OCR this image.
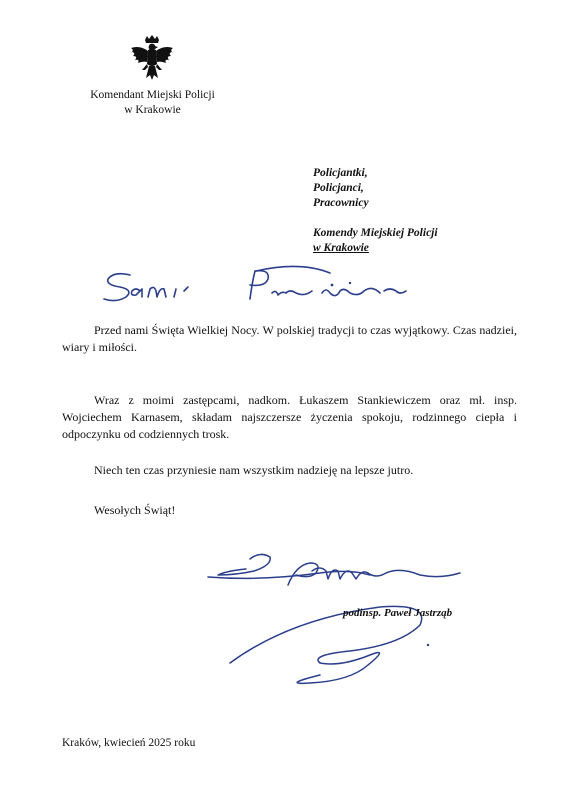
Komendant Miejski Policji
w Krakowie
Policjantki,
Policjanci,
Pracownicy
Komendy Miejskiej Policji
w Krakowie

Przed nami Święta Wielkiej Nocy. W polskiej tradycji to czas wyjątkowy. Czas nadziei, wiary i miłości.

Wraz z moimi zastępcami, nadkom. Łukaszem Stankiewiczem oraz mł. insp. Wojciechem Karnasem, składam najszczersze życzenia spokoju, rodzinnego ciepła i odpoczynku od codziennych trosk.

Niech ten czas przyniesie nam wszystkim nadzieję na lepsze jutro.

Wesołych Świąt!

podinsp. Paweł Jastrząb
Kraków, kwiecień 2025 roku
